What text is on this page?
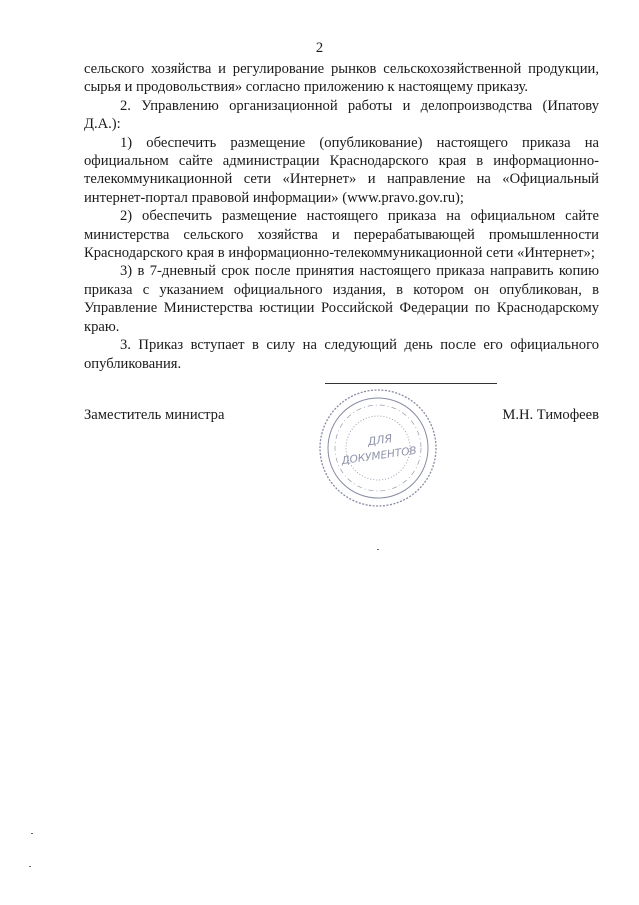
2

сельского хозяйства и регулирование рынков сельскохозяйственной продукции, сырья и продовольствия» согласно приложению к настоящему приказу.

2. Управлению организационной работы и делопроизводства (Ипатову Д.А.):

1) обеспечить размещение (опубликование) настоящего приказа на официальном сайте администрации Краснодарского края в информационно-телекоммуникационной сети «Интернет» и направление на «Официальный интернет-портал правовой информации» (www.pravo.gov.ru);

2) обеспечить размещение настоящего приказа на официальном сайте министерства сельского хозяйства и перерабатывающей промышленности Краснодарского края в информационно-телекоммуникационной сети «Интернет»;

3) в 7-дневный срок после принятия настоящего приказа направить копию приказа с указанием официального издания, в котором он опубликован, в Управление Министерства юстиции Российской Федерации по Краснодарскому краю.

3. Приказ вступает в силу на следующий день после его официального опубликования.

ДЛЯ
ДОКУМЕНТОВ
Заместитель министра	М.Н. Тимофеев
